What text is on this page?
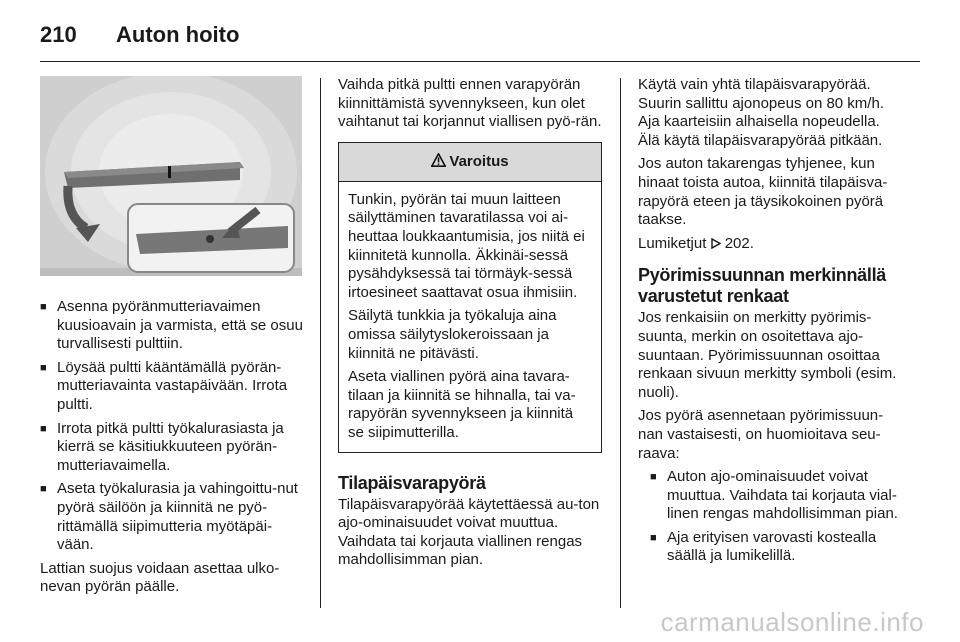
210 Auton hoito
■ Asenna pyöränmutteriavaimen kuusioavain ja varmista, että se osuu turvallisesti pulttiin.
■ Löysää pultti kääntämällä pyörän-mutteriavainta vastapäivään. Irrota pultti.
■ Irrota pitkä pultti työkalurasiasta ja kierrä se käsitiukkuuteen pyörän-mutteriavaimella.
■ Aseta työkalurasia ja vahingoittu-nut pyörä säilöön ja kiinnitä ne pyö-rittämällä siipimutteria myötäpäi-vään.

Lattian suojus voidaan asettaa ulko-nevan pyörän päälle.

Vaihda pitkä pultti ennen varapyörän kiinnittämistä syvennykseen, kun olet vaihtanut tai korjannut viallisen pyö-rän.

Varoitus

Tunkin, pyörän tai muun laitteen säilyttäminen tavaratilassa voi ai-heuttaa loukkaantumisia, jos niitä ei kiinnitetä kunnolla. Äkkinäi-sessä pysähdyksessä tai törmäyk-sessä irtoesineet saattavat osua ihmisiin.

Säilytä tunkkia ja työkaluja aina omissa säilytyslokeroissaan ja kiinnitä ne pitävästi.

Aseta viallinen pyörä aina tavara-tilaan ja kiinnitä se hihnalla, tai va-rapyörän syvennykseen ja kiinnitä se siipimutterilla.

Tilapäisvarapyörä

Tilapäisvarapyörää käytettäessä au-ton ajo-ominaisuudet voivat muuttua. Vaihdata tai korjauta viallinen rengas mahdollisimman pian.

Käytä vain yhtä tilapäisvarapyörää. Suurin sallittu ajonopeus on 80 km/h. Aja kaarteisiin alhaisella nopeudella. Älä käytä tilapäisvarapyörää pitkään.

Jos auton takarengas tyhjenee, kun hinaat toista autoa, kiinnitä tilapäisva-rapyörä eteen ja täysikokoinen pyörä taakse.

Lumiketjut  202.

Pyörimissuunnan merkinnällä varustetut renkaat

Jos renkaisiin on merkitty pyörimis-suunta, merkin on osoitettava ajo-suuntaan. Pyörimissuunnan osoittaa renkaan sivuun merkitty symboli (esim. nuoli).

Jos pyörä asennetaan pyörimissuun-nan vastaisesti, on huomioitava seu-raava:

■ Auton ajo-ominaisuudet voivat muuttua. Vaihdata tai korjauta vial-linen rengas mahdollisimman pian.
■ Aja erityisen varovasti kostealla säällä ja lumikelillä.
carmanualsonline.info
